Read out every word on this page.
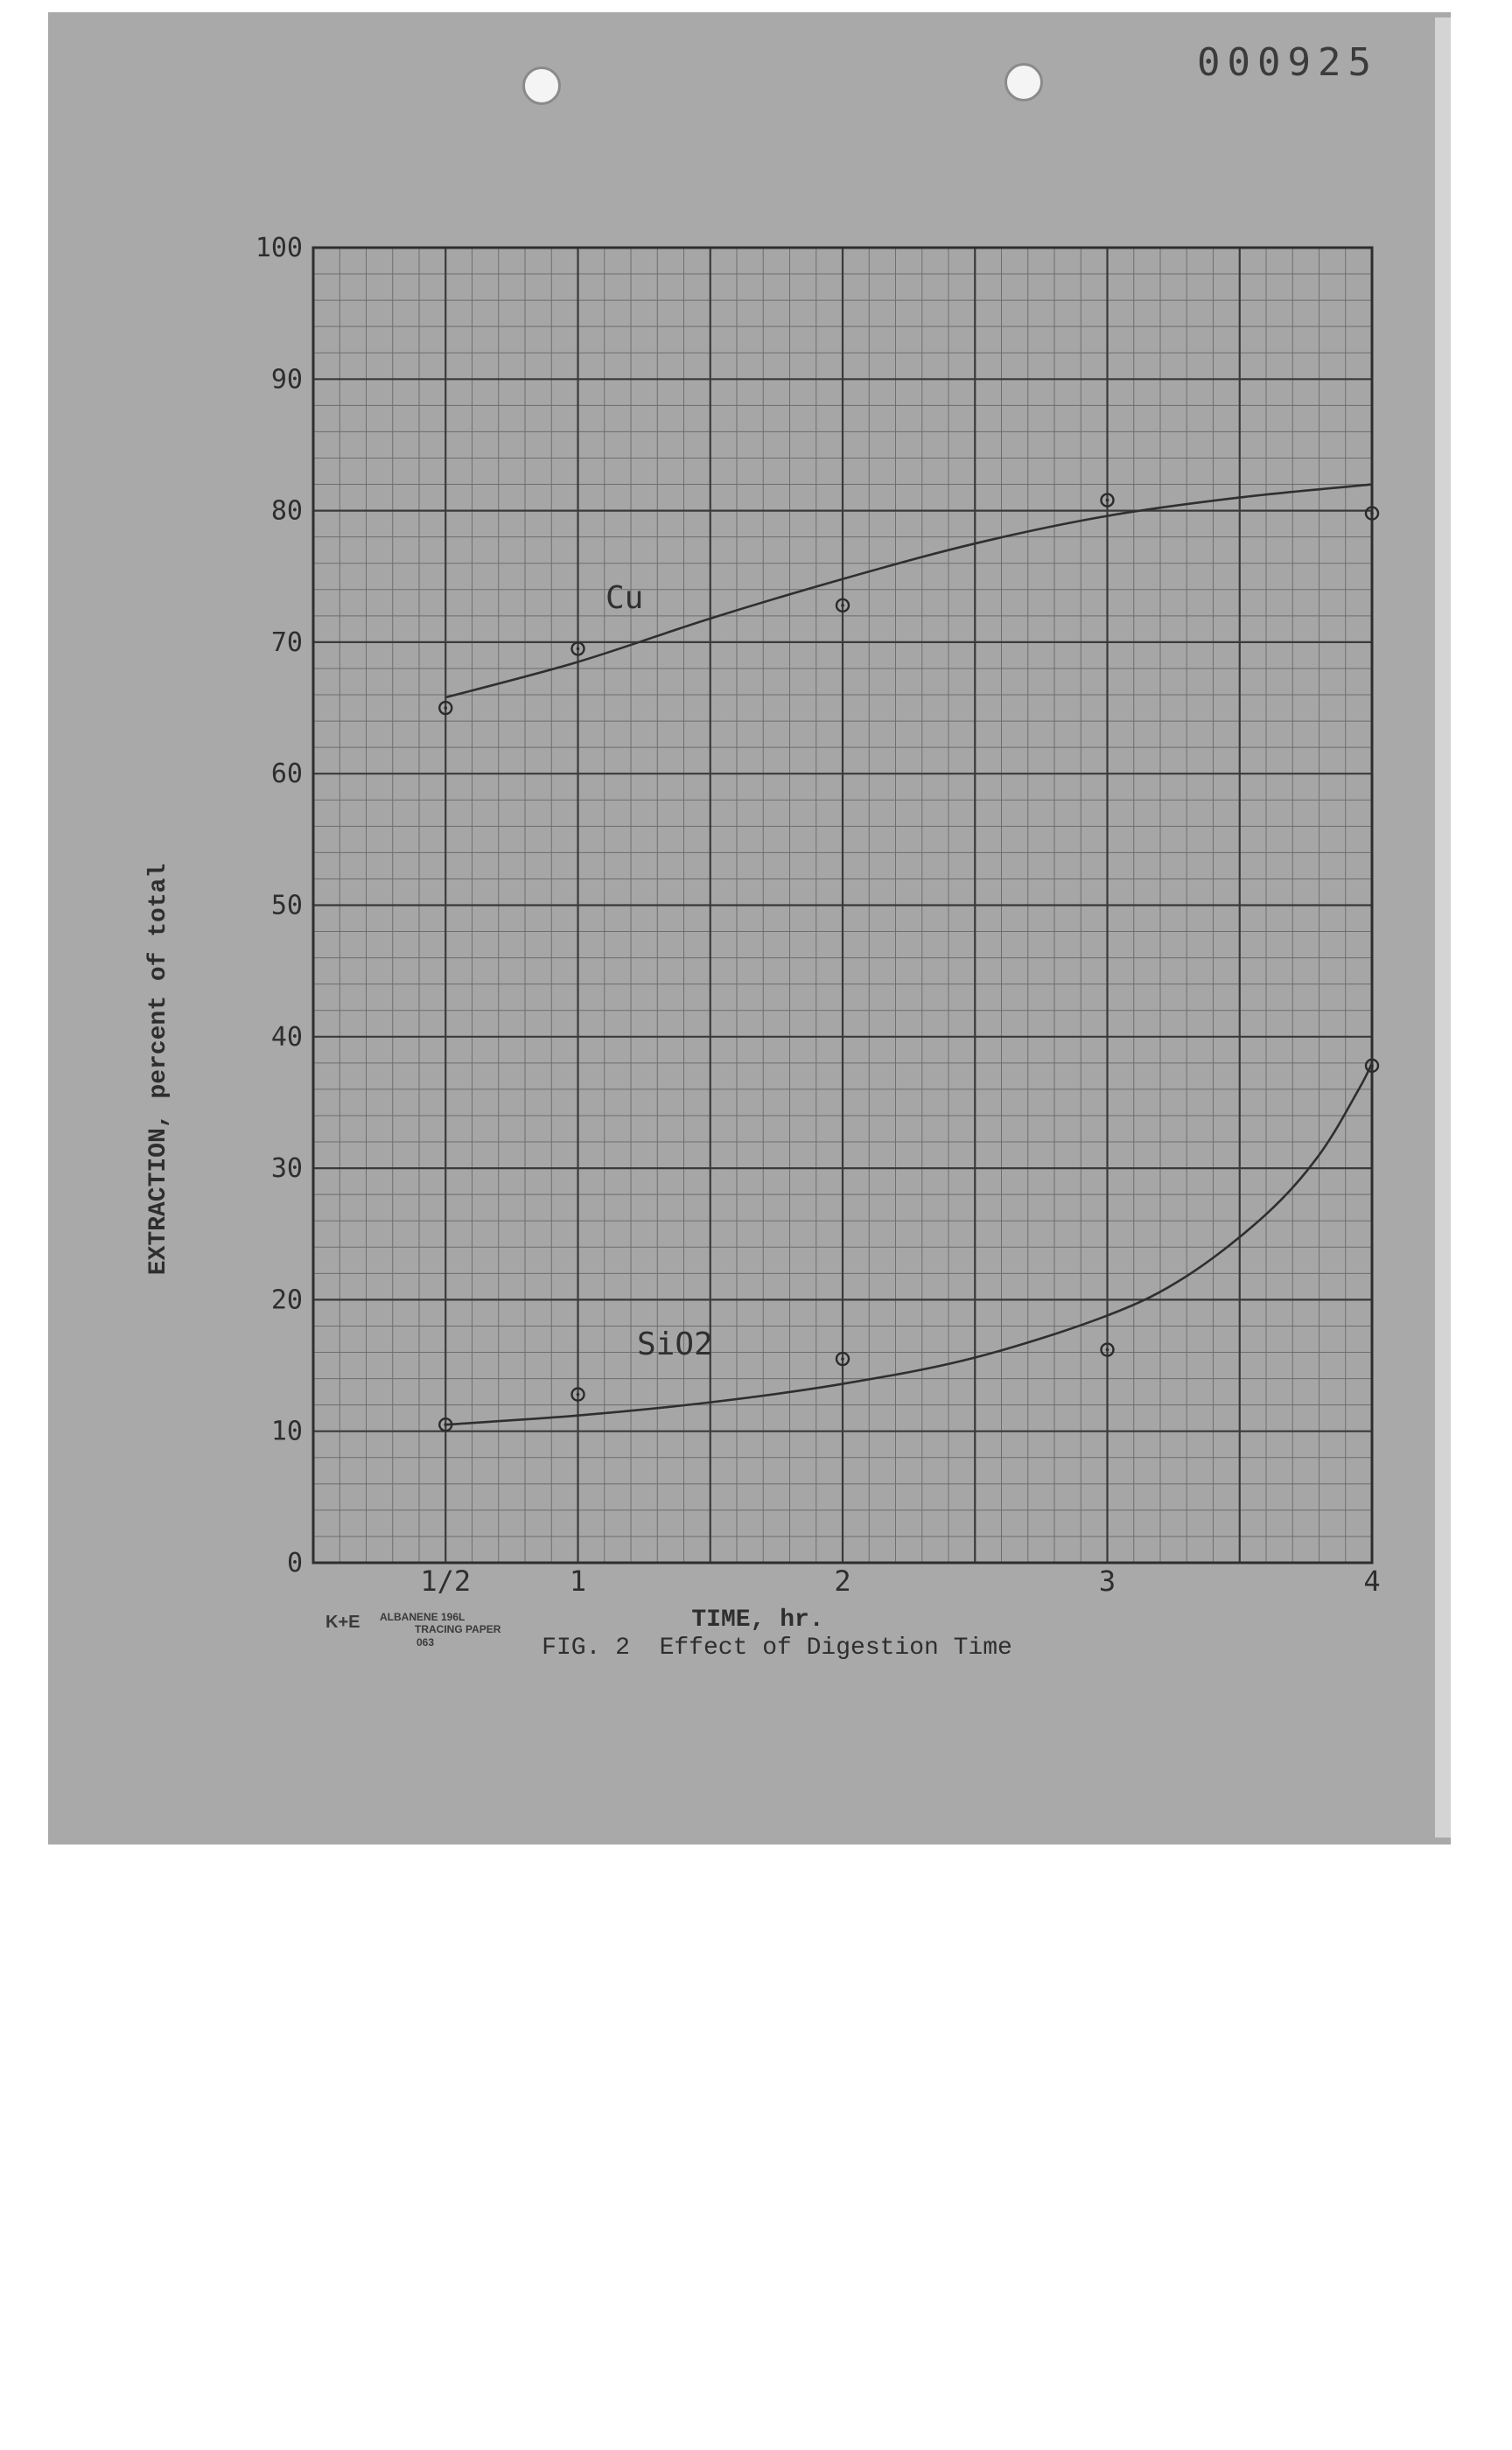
000925
0
10
20
30
40
50
60
70
80
90
100
1/2	1	2	3	4
Cu
SiO2
EXTRACTION, percent of total
TIME, hr.
FIG. 2  Effect of Digestion Time
K+E ALBANENE 196L
TRACING PAPER
063
